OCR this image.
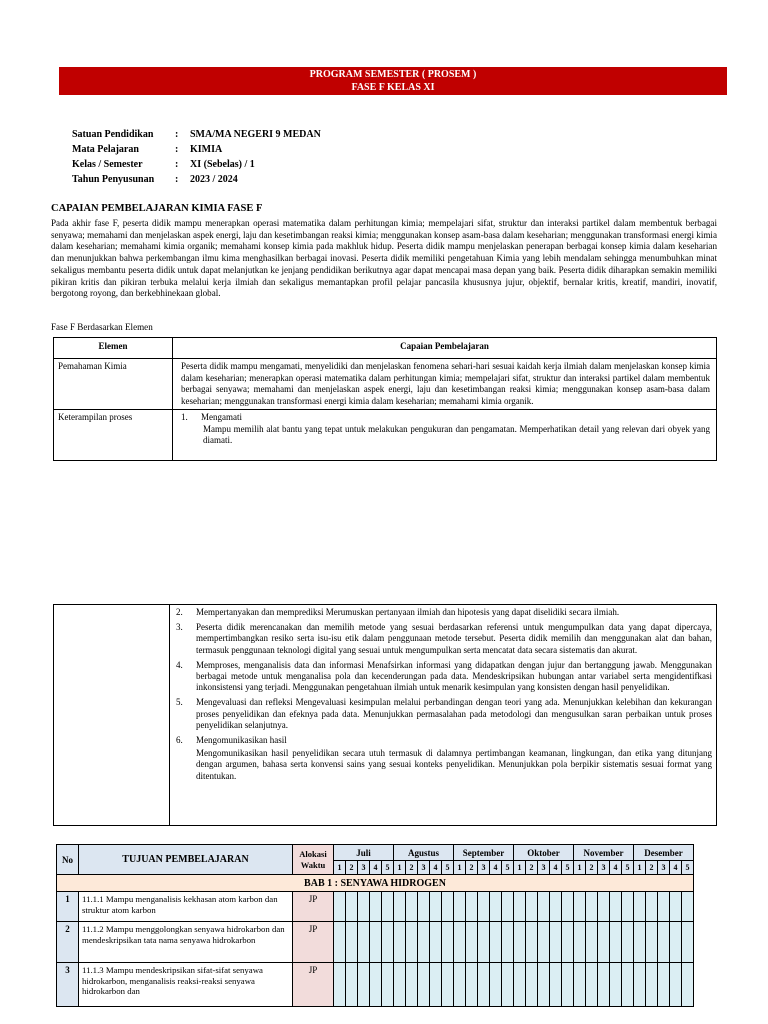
PROGRAM SEMESTER ( PROSEM )
FASE F KELAS XI
Satuan Pendidikan : SMA/MA NEGERI 9 MEDAN
Mata Pelajaran	: KIMIA
Kelas / Semester	: XI (Sebelas) / 1
Tahun Penyusunan : 2023 / 2024
CAPAIAN PEMBELAJARAN KIMIA FASE F
Pada akhir fase F, peserta didik mampu menerapkan operasi matematika dalam perhitungan kimia; mempelajari sifat, struktur dan interaksi partikel dalam membentuk berbagai senyawa; memahami dan menjelaskan aspek energi, laju dan kesetimbangan reaksi kimia; menggunakan konsep asam-basa dalam keseharian; menggunakan transformasi energi kimia dalam keseharian; memahami kimia organik; memahami konsep kimia pada makhluk hidup. Peserta didik mampu menjelaskan penerapan berbagai konsep kimia dalam keseharian dan menunjukkan bahwa perkembangan ilmu kima menghasilkan berbagai inovasi. Peserta didik memiliki pengetahuan Kimia yang lebih mendalam sehingga menumbuhkan minat sekaligus membantu peserta didik untuk dapat melanjutkan ke jenjang pendidikan berikutnya agar dapat mencapai masa depan yang baik. Peserta didik diharapkan semakin memiliki pikiran kritis dan pikiran terbuka melalui kerja ilmiah dan sekaligus memantapkan profil pelajar pancasila khususnya jujur, objektif, bernalar kritis, kreatif, mandiri, inovatif, bergotong royong, dan berkebhinekaan global.
Fase F Berdasarkan Elemen
Elemen	Capaian Pembelajaran
Pemahaman Kimia	Peserta didik mampu mengamati, menyelidiki dan menjelaskan fenomena sehari-hari sesuai kaidah kerja ilmiah dalam menjelaskan konsep kimia dalam keseharian; menerapkan operasi matematika dalam perhitungan kimia; mempelajari sifat, struktur dan interaksi partikel dalam membentuk berbagai senyawa; memahami dan menjelaskan aspek energi, laju dan kesetimbangan reaksi kimia; menggunakan konsep asam-basa dalam keseharian; menggunakan transformasi energi kimia dalam keseharian; memahami kimia organik.
Keterampilan proses	1. Mengamati
Mampu memilih alat bantu yang tepat untuk melakukan pengukuran dan pengamatan. Memperhatikan detail yang relevan dari obyek yang diamati.
2.	Mempertanyakan dan memprediksi Merumuskan pertanyaan ilmiah dan hipotesis yang dapat diselidiki secara ilmiah.
3.	Peserta didik merencanakan dan memilih metode yang sesuai berdasarkan referensi untuk mengumpulkan data yang dapat dipercaya, mempertimbangkan resiko serta isu-isu etik dalam penggunaan metode tersebut. Peserta didik memilih dan menggunakan alat dan bahan, termasuk penggunaan teknologi digital yang sesuai untuk mengumpulkan serta mencatat data secara sistematis dan akurat.
4.	Memproses, menganalisis data dan informasi Menafsirkan informasi yang didapatkan dengan jujur dan bertanggung jawab. Menggunakan berbagai metode untuk menganalisa pola dan kecenderungan pada data. Mendeskripsikan hubungan antar variabel serta mengidentifkasi inkonsistensi yang terjadi. Menggunakan pengetahuan ilmiah untuk menarik kesimpulan yang konsisten dengan hasil penyelidikan.
5.	Mengevaluasi dan refleksi Mengevaluasi kesimpulan melalui perbandingan dengan teori yang ada. Menunjukkan kelebihan dan kekurangan proses penyelidikan dan efeknya pada data. Menunjukkan permasalahan pada metodologi dan mengusulkan saran perbaikan untuk proses penyelidikan selanjutnya.
6. Mengomunikasikan hasil
Mengomunikasikan hasil penyelidikan secara utuh termasuk di dalamnya pertimbangan keamanan, lingkungan, dan etika yang ditunjang dengan argumen, bahasa serta konvensi sains yang sesuai konteks penyelidikan. Menunjukkan pola berpikir sistematis sesuai format yang ditentukan.
No	TUJUAN PEMBELAJARAN	Alokasi Waktu	Juli					Agustus					September					Oktober					November					Desember				
			1	2	3	4	5	1	2	3	4	5	1	2	3	4	5	1	2	3	4	5	1	2	3	4	5	1	2	3	4	5
BAB 1 : SENYAWA HIDROGEN																																
1	11.1.1 Mampu menganalisis kekhasan atom karbon dan struktur atom karbon	JP																														
2	11.1.2 Mampu menggolongkan senyawa hidrokarbon dan mendeskripsikan tata nama senyawa hidrokarbon	JP																														
3	11.1.3 Mampu mendeskripsikan sifat-sifat senyawa hidrokarbon, menganalisis reaksi-reaksi senyawa hidrokarbon dan	JP																														
